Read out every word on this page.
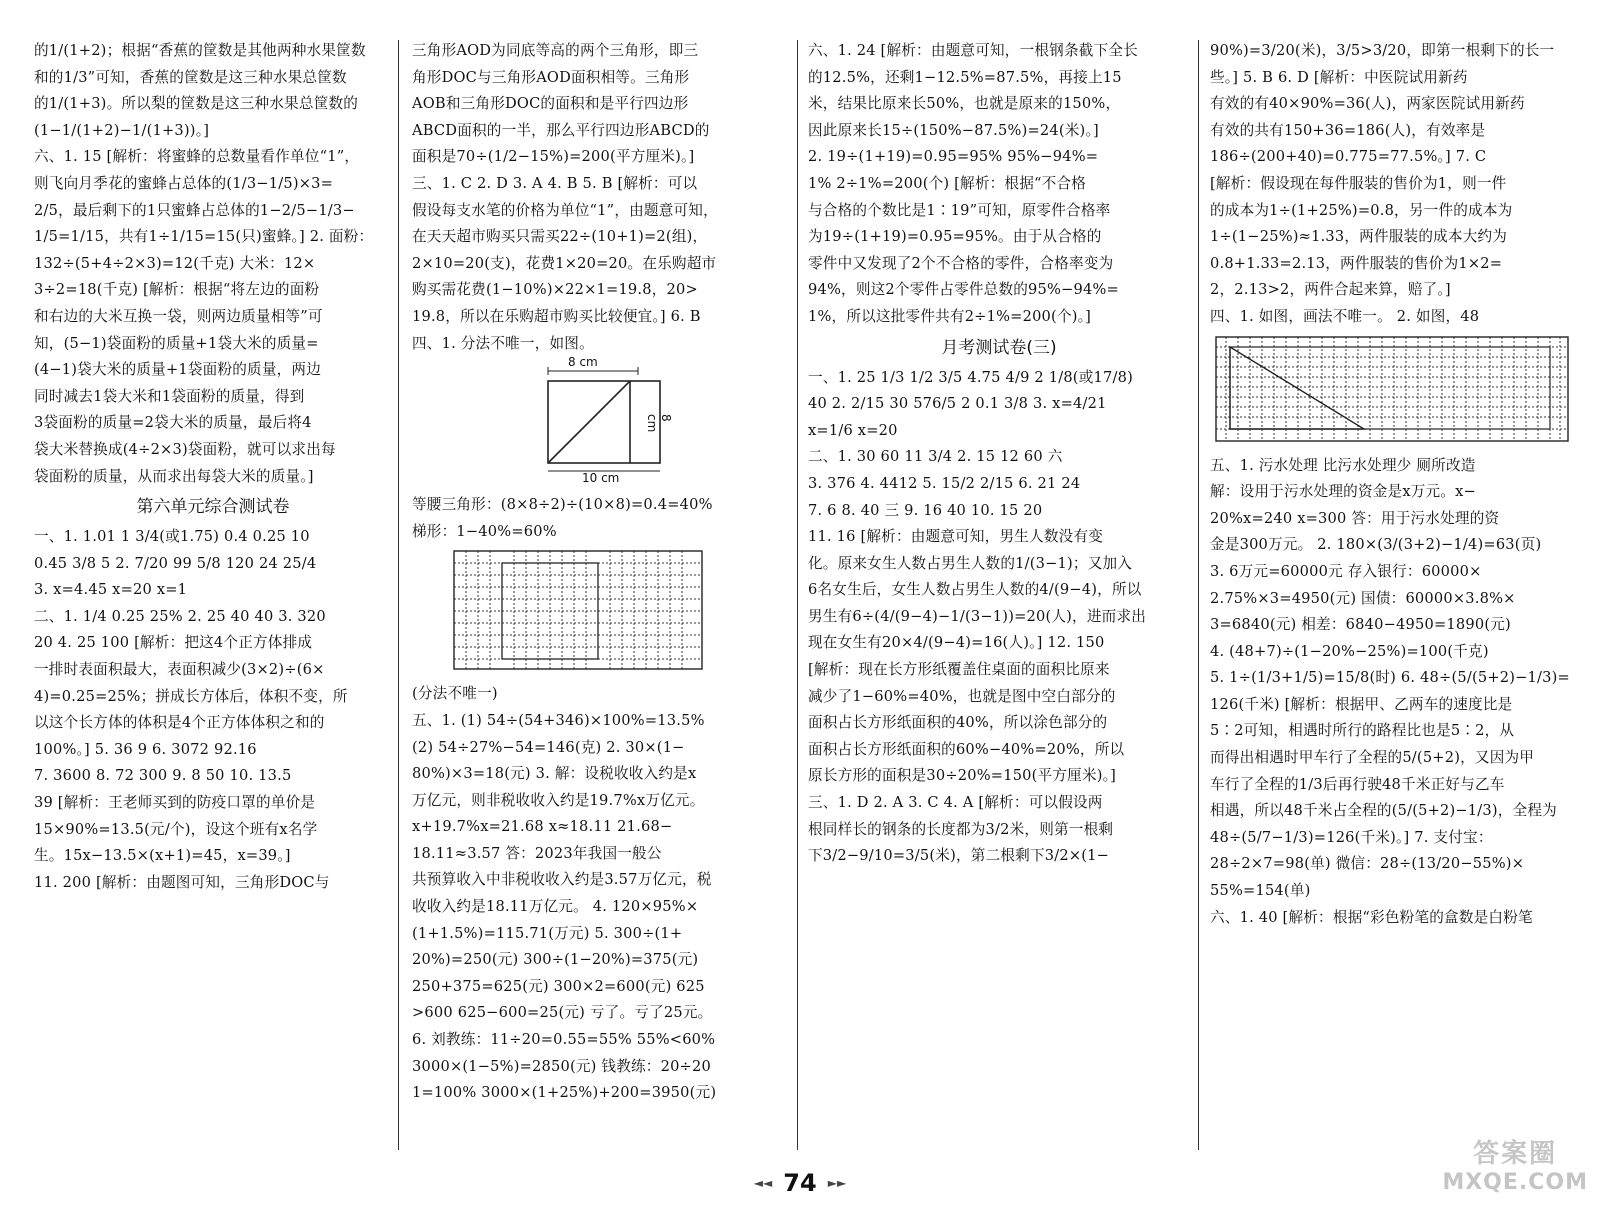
的1/(1+2)；根据“香蕉的筐数是其他两种水果筐数
和的1/3”可知，香蕉的筐数是这三种水果总筐数
的1/(1+3)。所以梨的筐数是这三种水果总筐数的
(1−1/(1+2)−1/(1+3))。]
六、1. 15 [解析：将蜜蜂的总数量看作单位“1”，
则飞向月季花的蜜蜂占总体的(1/3−1/5)×3=
2/5，最后剩下的1只蜜蜂占总体的1−2/5−1/3−
1/5=1/15，共有1÷1/15=15(只)蜜蜂。] 2. 面粉：
132÷(5+4÷2×3)=12(千克) 大米：12×
3÷2=18(千克) [解析：根据“将左边的面粉
和右边的大米互换一袋，则两边质量相等”可
知，(5−1)袋面粉的质量+1袋大米的质量=
(4−1)袋大米的质量+1袋面粉的质量，两边
同时减去1袋大米和1袋面粉的质量，得到
3袋面粉的质量=2袋大米的质量，最后将4
袋大米替换成(4÷2×3)袋面粉，就可以求出每
袋面粉的质量，从而求出每袋大米的质量。]
第六单元综合测试卷
一、1. 1.01 1 3/4(或1.75) 0.4 0.25 10
0.45 3/8 5 2. 7/20 99 5/8 120 24 25/4
3. x=4.45 x=20 x=1
二、1. 1/4 0.25 25% 2. 25 40 40 3. 320
20 4. 25 100 [解析：把这4个正方体排成
一排时表面积最大，表面积减少(3×2)÷(6×
4)=0.25=25%；拼成长方体后，体积不变，所
以这个长方体的体积是4个正方体体积之和的
100%。] 5. 36 9 6. 3072 92.16
7. 3600 8. 72 300 9. 8 50 10. 13.5
39 [解析：王老师买到的防疫口罩的单价是
15×90%=13.5(元/个)，设这个班有x名学
生。15x−13.5×(x+1)=45，x=39。]
11. 200 [解析：由题图可知，三角形DOC与
三角形AOD为同底等高的两个三角形，即三
角形DOC与三角形AOD面积相等。三角形
AOB和三角形DOC的面积和是平行四边形
ABCD面积的一半，那么平行四边形ABCD的
面积是70÷(1/2−15%)=200(平方厘米)。]
三、1. C 2. D 3. A 4. B 5. B [解析：可以
假设每支水笔的价格为单位“1”，由题意可知，
在天天超市购买只需买22÷(10+1)=2(组)，
2×10=20(支)，花费1×20=20。在乐购超市
购买需花费(1−10%)×22×1=19.8，20>
19.8，所以在乐购超市购买比较便宜。] 6. B
四、1. 分法不唯一，如图。
8 cm
8 cm
10 cm
等腰三角形：(8×8÷2)÷(10×8)=0.4=40%
梯形：1−40%=60%
(分法不唯一)
五、1. (1) 54÷(54+346)×100%=13.5%
(2) 54÷27%−54=146(克) 2. 30×(1−
80%)×3=18(元) 3. 解：设税收收入约是x
万亿元，则非税收收入约是19.7%x万亿元。
x+19.7%x=21.68 x≈18.11 21.68−
18.11≈3.57 答：2023年我国一般公
共预算收入中非税收收入约是3.57万亿元，税
收收入约是18.11万亿元。 4. 120×95%×
(1+1.5%)=115.71(万元) 5. 300÷(1+
20%)=250(元) 300÷(1−20%)=375(元)
250+375=625(元) 300×2=600(元) 625
>600 625−600=25(元) 亏了。亏了25元。
6. 刘教练：11÷20=0.55=55% 55%<60%
3000×(1−5%)=2850(元) 钱教练：20÷20
1=100% 3000×(1+25%)+200=3950(元)
六、1. 24 [解析：由题意可知，一根钢条截下全长
的12.5%，还剩1−12.5%=87.5%，再接上15
米，结果比原来长50%，也就是原来的150%，
因此原来长15÷(150%−87.5%)=24(米)。]
2. 19÷(1+19)=0.95=95% 95%−94%=
1% 2÷1%=200(个) [解析：根据“不合格
与合格的个数比是1∶19”可知，原零件合格率
为19÷(1+19)=0.95=95%。由于从合格的
零件中又发现了2个不合格的零件，合格率变为
94%，则这2个零件占零件总数的95%−94%=
1%，所以这批零件共有2÷1%=200(个)。]
月考测试卷(三)
一、1. 25 1/3 1/2 3/5 4.75 4/9 2 1/8(或17/8)
40 2. 2/15 30 576/5 2 0.1 3/8 3. x=4/21
x=1/6 x=20
二、1. 30 60 11 3/4 2. 15 12 60 六
3. 376 4. 4412 5. 15/2 2/15 6. 21 24
7. 6 8. 40 三 9. 16 40 10. 15 20
11. 16 [解析：由题意可知，男生人数没有变
化。原来女生人数占男生人数的1/(3−1)；又加入
6名女生后，女生人数占男生人数的4/(9−4)，所以
男生有6÷(4/(9−4)−1/(3−1))=20(人)，进而求出
现在女生有20×4/(9−4)=16(人)。] 12. 150
[解析：现在长方形纸覆盖住桌面的面积比原来
减少了1−60%=40%，也就是图中空白部分的
面积占长方形纸面积的40%，所以涂色部分的
面积占长方形纸面积的60%−40%=20%，所以
原长方形的面积是30÷20%=150(平方厘米)。]
三、1. D 2. A 3. C 4. A [解析：可以假设两
根同样长的钢条的长度都为3/2米，则第一根剩
下3/2−9/10=3/5(米)，第二根剩下3/2×(1−
90%)=3/20(米)，3/5>3/20，即第一根剩下的长一
些。] 5. B 6. D [解析：中医院试用新药
有效的有40×90%=36(人)，两家医院试用新药
有效的共有150+36=186(人)，有效率是
186÷(200+40)=0.775=77.5%。] 7. C
[解析：假设现在每件服装的售价为1，则一件
的成本为1÷(1+25%)=0.8，另一件的成本为
1÷(1−25%)≈1.33，两件服装的成本大约为
0.8+1.33=2.13，两件服装的售价为1×2=
2，2.13>2，两件合起来算，赔了。]
四、1. 如图，画法不唯一。 2. 如图，48
五、1. 污水处理 比污水处理少 厕所改造
解：设用于污水处理的资金是x万元。x−
20%x=240 x=300 答：用于污水处理的资
金是300万元。 2. 180×(3/(3+2)−1/4)=63(页)
3. 6万元=60000元 存入银行：60000×
2.75%×3=4950(元) 国债：60000×3.8%×
3=6840(元) 相差：6840−4950=1890(元)
4. (48+7)÷(1−20%−25%)=100(千克)
5. 1÷(1/3+1/5)=15/8(时) 6. 48÷(5/(5+2)−1/3)=
126(千米) [解析：根据甲、乙两车的速度比是
5∶2可知，相遇时所行的路程比也是5∶2，从
而得出相遇时甲车行了全程的5/(5+2)，又因为甲
车行了全程的1/3后再行驶48千米正好与乙车
相遇，所以48千米占全程的(5/(5+2)−1/3)，全程为
48÷(5/7−1/3)=126(千米)。] 7. 支付宝：
28÷2×7=98(单) 微信：28÷(13/20−55%)×
55%=154(单)
六、1. 40 [解析：根据“彩色粉笔的盒数是白粉笔
◄◄ 74 ►►
答案圈
MXQE.COM
